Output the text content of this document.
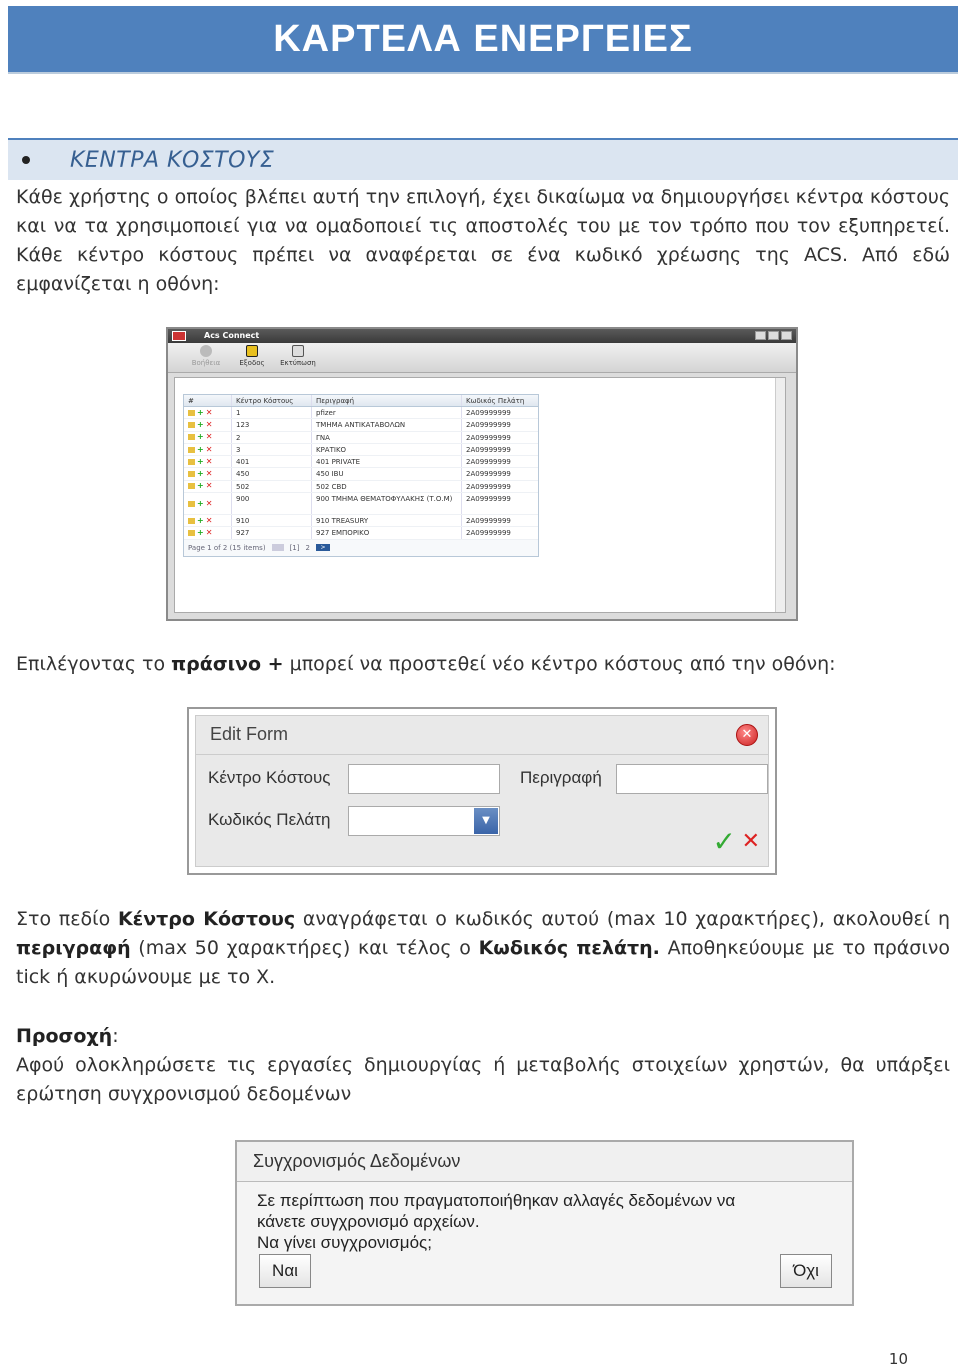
ΚΑΡΤΕΛΑ ΕΝΕΡΓΕΙΕΣ
ΚΕΝΤΡΑ ΚΟΣΤΟΥΣ

Κάθε χρήστης ο οποίος βλέπει αυτή την επιλογή, έχει δικαίωμα να δημιουργήσει κέντρα κόστους και να τα χρησιμοποιεί για να ομαδοποιεί τις αποστολές του με τον τρόπο που τον εξυπηρετεί. Κάθε κέντρο κόστους πρέπει να αναφέρεται σε ένα κωδικό χρέωσης της ACS. Από εδώ εμφανίζεται η οθόνη:

Acs Connect
Βοήθεια	Εξοδος	Εκτύπωση
#	Κέντρο Κόστους	Περιγραφή	Κωδικός Πελάτη
+ ✕	1	pfizer	2Α09999999
+ ✕	123	ΤΜΗΜΑ ΑΝΤΙΚΑΤΑΒΟΛΩΝ	2Α09999999
+ ✕	2	ΓΝΑ	2Α09999999
+ ✕	3	ΚΡΑΤΙΚΟ	2Α09999999
+ ✕	401	401 PRIVATE	2Α09999999
+ ✕	450	450 IBU	2Α09999999
+ ✕	502	502 CBD	2Α09999999
+ ✕	900	900 ΤΜΗΜΑ ΘΕΜΑΤΟΦΥΛΑΚΗΣ (Τ.Ο.Μ)	2Α09999999
+ ✕	910	910 TREASURY	2Α09999999
+ ✕	927	927 ΕΜΠΟΡΙΚΟ	2Α09999999
Page 1 of 2 (15 items)	[1] 2	>

Επιλέγοντας το πράσινο + μπορεί να προστεθεί νέο κέντρο κόστους από την οθόνη:

Edit Form	✕
Κέντρο Κόστους	Περιγραφή
Κωδικός Πελάτη	▼
✓ ✕

Στο πεδίο Κέντρο Κόστους αναγράφεται ο κωδικός αυτού (max 10 χαρακτήρες), ακολουθεί η περιγραφή (max 50 χαρακτήρες) και τέλος ο Κωδικός πελάτη. Αποθηκεύουμε με το πράσινο tick ή ακυρώνουμε με το Χ.

Προσοχή:
Αφού ολοκληρώσετε τις εργασίες δημιουργίας ή μεταβολής στοιχείων χρηστών, θα υπάρξει ερώτηση συγχρονισμού δεδομένων

Συγχρονισμός Δεδομένων
Σε περίπτωση που πραγματοποιήθηκαν αλλαγές δεδομένων να
κάνετε συγχρονισμό αρχείων.
Να γίνει συγχρονισμός;
Ναι	Όχι
10
